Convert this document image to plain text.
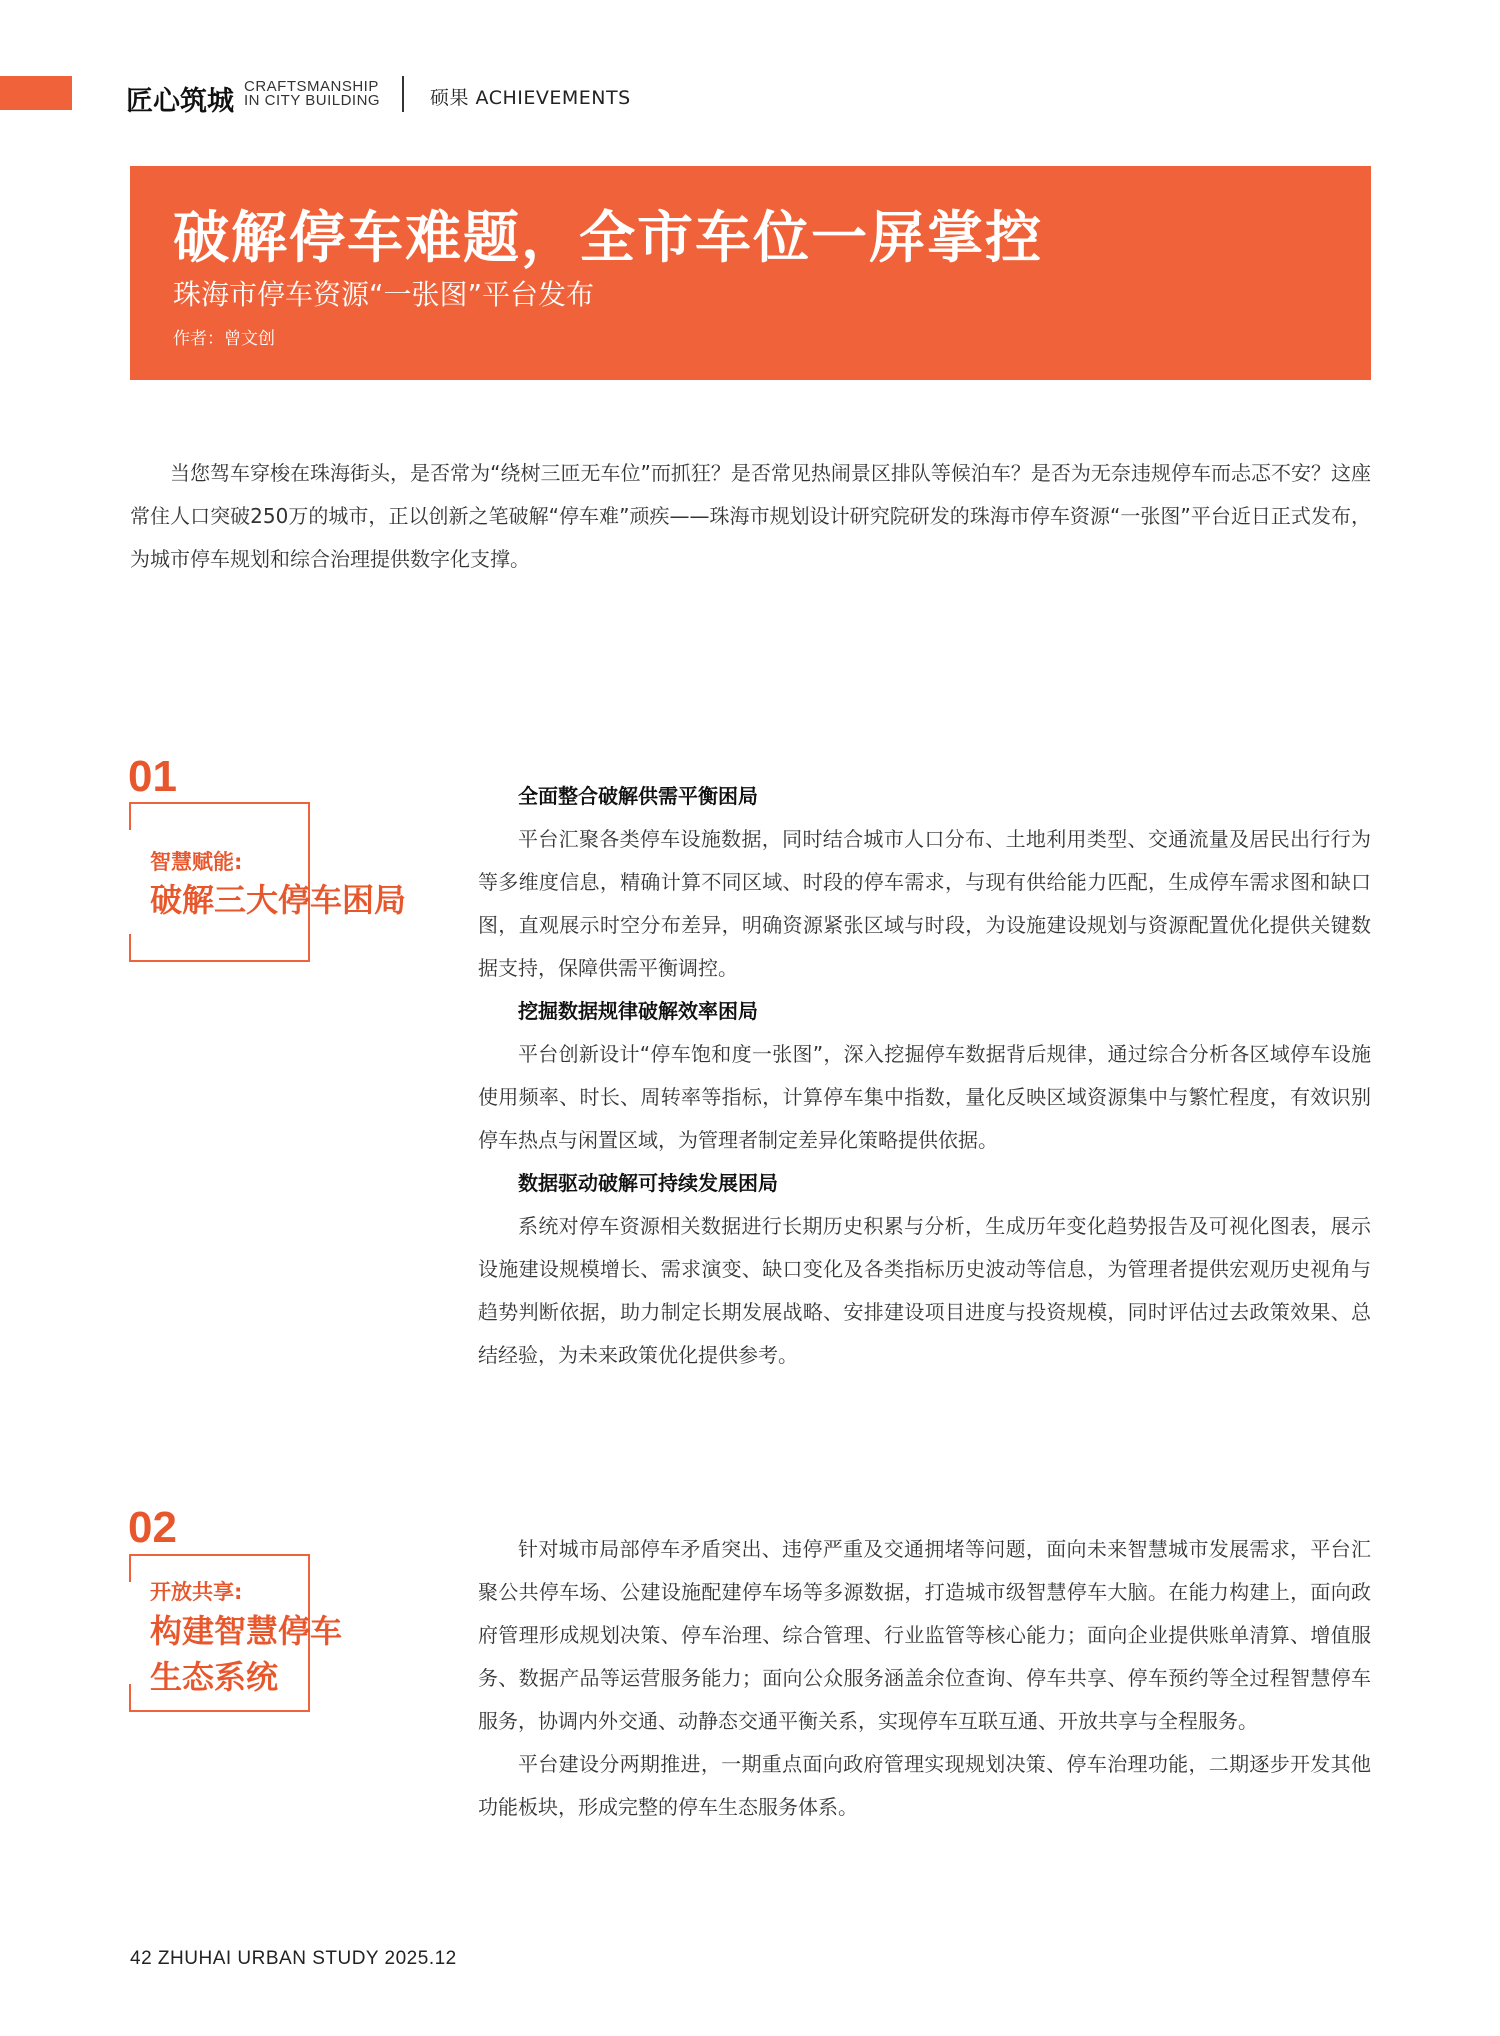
匠心筑城 CRAFTSMANSHIP
IN CITY BUILDING	硕果 ACHIEVEMENTS
破解停车难题，全市车位一屏掌控
珠海市停车资源“一张图”平台发布
作者：曾文创

当您驾车穿梭在珠海街头，是否常为“绕树三匝无车位”而抓狂？是否常见热闹景区排队等候泊车？是否为无奈违规停车而忐忑不安？这座常住人口突破250万的城市，正以创新之笔破解“停车难”顽疾——珠海市规划设计研究院研发的珠海市停车资源“一张图”平台近日正式发布，为城市停车规划和综合治理提供数字化支撑。

01
智慧赋能:
破解三大停车困局
全面整合破解供需平衡困局

平台汇聚各类停车设施数据，同时结合城市人口分布、土地利用类型、交通流量及居民出行行为等多维度信息，精确计算不同区域、时段的停车需求，与现有供给能力匹配，生成停车需求图和缺口图，直观展示时空分布差异，明确资源紧张区域与时段，为设施建设规划与资源配置优化提供关键数据支持，保障供需平衡调控。

挖掘数据规律破解效率困局

平台创新设计“停车饱和度一张图”，深入挖掘停车数据背后规律，通过综合分析各区域停车设施使用频率、时长、周转率等指标，计算停车集中指数，量化反映区域资源集中与繁忙程度，有效识别停车热点与闲置区域，为管理者制定差异化策略提供依据。

数据驱动破解可持续发展困局

系统对停车资源相关数据进行长期历史积累与分析，生成历年变化趋势报告及可视化图表，展示设施建设规模增长、需求演变、缺口变化及各类指标历史波动等信息，为管理者提供宏观历史视角与趋势判断依据，助力制定长期发展战略、安排建设项目进度与投资规模，同时评估过去政策效果、总结经验，为未来政策优化提供参考。

02
开放共享:
构建智慧停车
生态系统

针对城市局部停车矛盾突出、违停严重及交通拥堵等问题，面向未来智慧城市发展需求，平台汇聚公共停车场、公建设施配建停车场等多源数据，打造城市级智慧停车大脑。在能力构建上，面向政府管理形成规划决策、停车治理、综合管理、行业监管等核心能力；面向企业提供账单清算、增值服务、数据产品等运营服务能力；面向公众服务涵盖余位查询、停车共享、停车预约等全过程智慧停车服务，协调内外交通、动静态交通平衡关系，实现停车互联互通、开放共享与全程服务。

平台建设分两期推进，一期重点面向政府管理实现规划决策、停车治理功能，二期逐步开发其他功能板块，形成完整的停车生态服务体系。

42 ZHUHAI URBAN STUDY 2025.12
